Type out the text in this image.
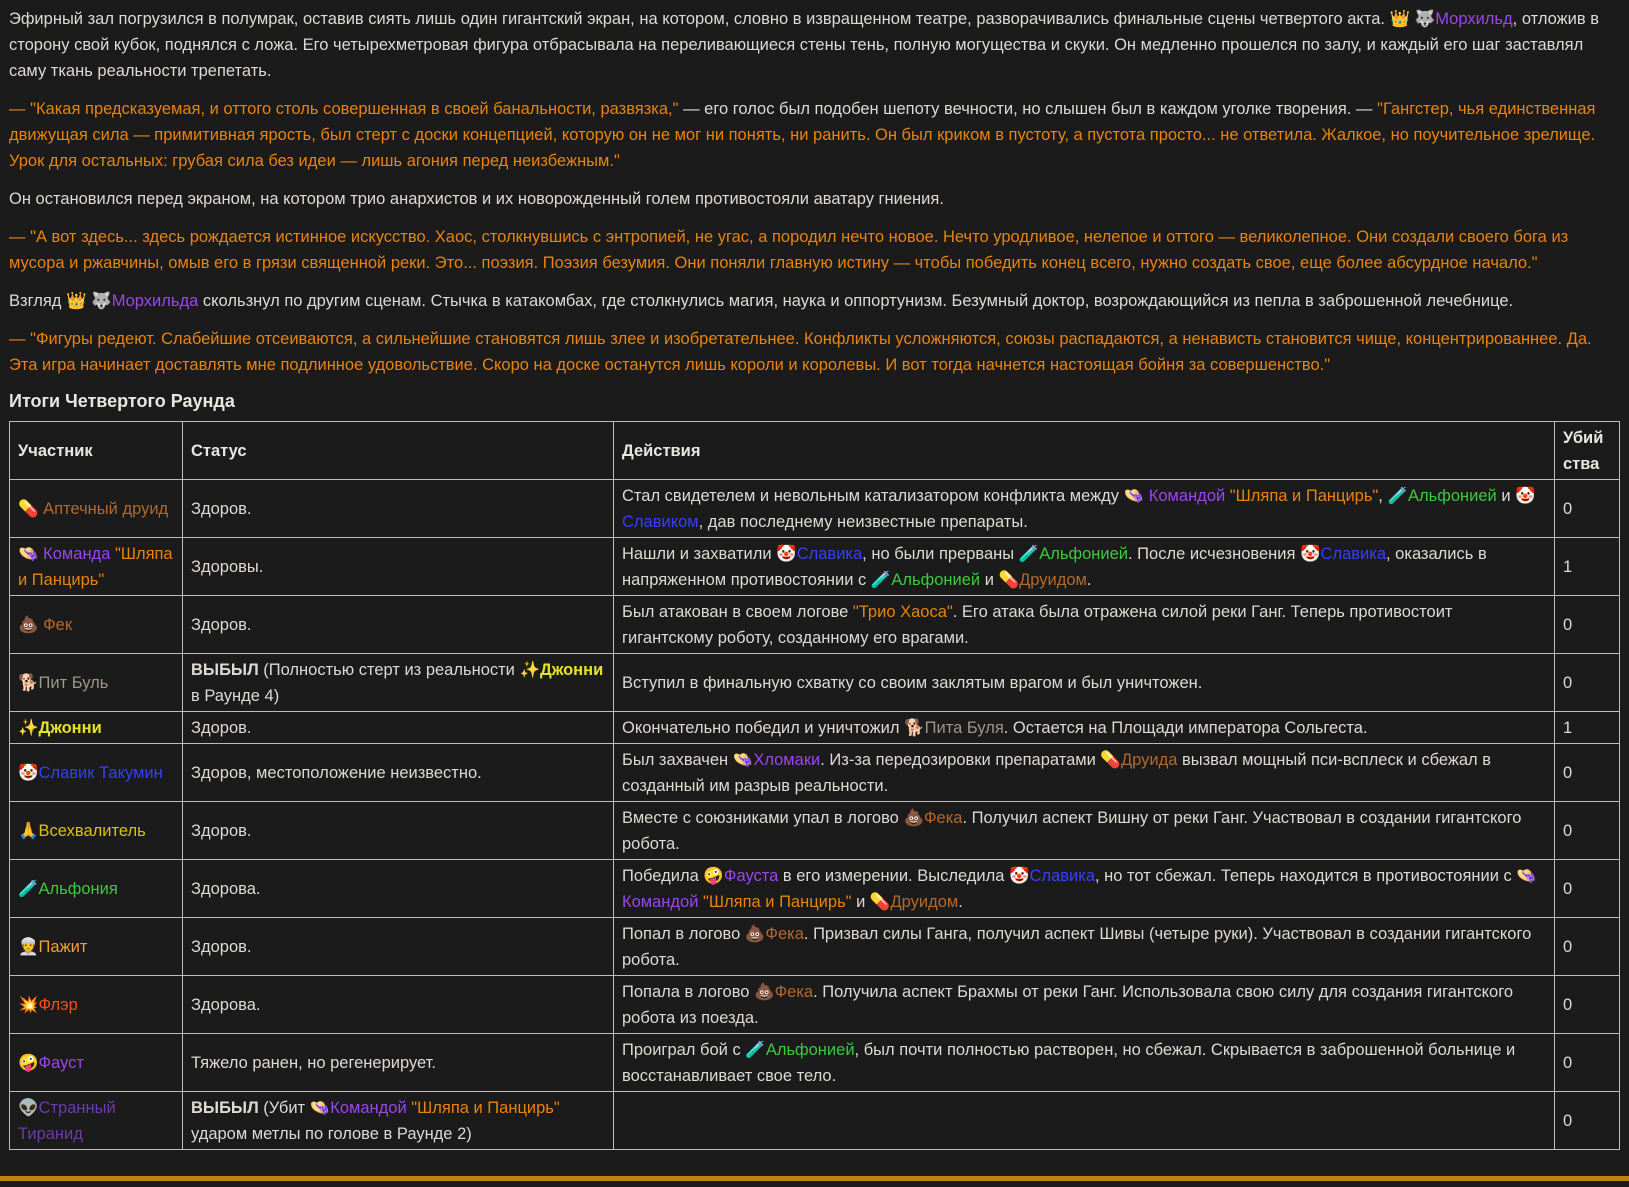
Эфирный зал погрузился в полумрак, оставив сиять лишь один гигантский экран, на котором, словно в извращенном театре, разворачивались финальные сцены четвертого акта. 👑 🐺Морхильд, отложив в сторону свой кубок, поднялся с ложа. Его четырехметровая фигура отбрасывала на переливающиеся стены тень, полную могущества и скуки. Он медленно прошелся по залу, и каждый его шаг заставлял саму ткань реальности трепетать.

— "Какая предсказуемая, и оттого столь совершенная в своей банальности, развязка," — его голос был подобен шепоту вечности, но слышен был в каждом уголке творения. — "Гангстер, чья единственная движущая сила — примитивная ярость, был стерт с доски концепцией, которую он не мог ни понять, ни ранить. Он был криком в пустоту, а пустота просто... не ответила. Жалкое, но поучительное зрелище. Урок для остальных: грубая сила без идеи — лишь агония перед неизбежным."

Он остановился перед экраном, на котором трио анархистов и их новорожденный голем противостояли аватару гниения.

— "А вот здесь... здесь рождается истинное искусство. Хаос, столкнувшись с энтропией, не угас, а породил нечто новое. Нечто уродливое, нелепое и оттого — великолепное. Они создали своего бога из мусора и ржавчины, омыв его в грязи священной реки. Это... поэзия. Поэзия безумия. Они поняли главную истину — чтобы победить конец всего, нужно создать свое, еще более абсурдное начало."

Взгляд 👑 🐺Морхильда скользнул по другим сценам. Стычка в катакомбах, где столкнулись магия, наука и оппортунизм. Безумный доктор, возрождающийся из пепла в заброшенной лечебнице.

— "Фигуры редеют. Слабейшие отсеиваются, а сильнейшие становятся лишь злее и изобретательнее. Конфликты усложняются, союзы распадаются, а ненависть становится чище, концентрированнее. Да. Эта игра начинает доставлять мне подлинное удовольствие. Скоро на доске останутся лишь короли и королевы. И вот тогда начнется настоящая бойня за совершенство."

Итоги Четвертого Раунда
Участник	Статус	Действия	Убийства
💊 Аптечный друид	Здоров.	Стал свидетелем и невольным катализатором конфликта между 👒 Командой "Шляпа и Панцирь", 🧪Альфонией и 🤡 Славиком, дав последнему неизвестные препараты.	0
👒 Команда "Шляпа и Панцирь"	Здоровы.	Нашли и захватили 🤡Славика, но были прерваны 🧪Альфонией. После исчезновения 🤡Славика, оказались в напряженном противостоянии с 🧪Альфонией и 💊Друидом.	1
💩 Фек	Здоров.	Был атакован в своем логове "Трио Хаоса". Его атака была отражена силой реки Ганг. Теперь противостоит гигантскому роботу, созданному его врагами.	0
🐕Пит Буль	ВЫБЫЛ (Полностью стерт из реальности ✨Джонни в Раунде 4)	Вступил в финальную схватку со своим заклятым врагом и был уничтожен.	0
✨Джонни	Здоров.	Окончательно победил и уничтожил 🐕Пита Буля. Остается на Площади императора Сольгеста.	1
🤡Славик Такумин	Здоров, местоположение неизвестно.	Был захвачен 👒Хломаки. Из-за передозировки препаратами 💊Друида вызвал мощный пси-всплеск и сбежал в созданный им разрыв реальности.	0
🙏Всехвалитель	Здоров.	Вместе с союзниками упал в логово 💩Фека. Получил аспект Вишну от реки Ганг. Участвовал в создании гигантского робота.	0
🧪Альфония	Здорова.	Победила 🤪Фауста в его измерении. Выследила 🤡Славика, но тот сбежал. Теперь находится в противостоянии с 👒Командой "Шляпа и Панцирь" и 💊Друидом.	0
👳Пажит	Здоров.	Попал в логово 💩Фека. Призвал силы Ганга, получил аспект Шивы (четыре руки). Участвовал в создании гигантского робота.	0
💥Флэр	Здорова.	Попала в логово 💩Фека. Получила аспект Брахмы от реки Ганг. Использовала свою силу для создания гигантского робота из поезда.	0
🤪Фауст	Тяжело ранен, но регенерирует.	Проиграл бой с 🧪Альфонией, был почти полностью растворен, но сбежал. Скрывается в заброшенной больнице и восстанавливает свое тело.	0
👽Странный Тиранид	ВЫБЫЛ (Убит 👒Командой "Шляпа и Панцирь" ударом метлы по голове в Раунде 2)		0
